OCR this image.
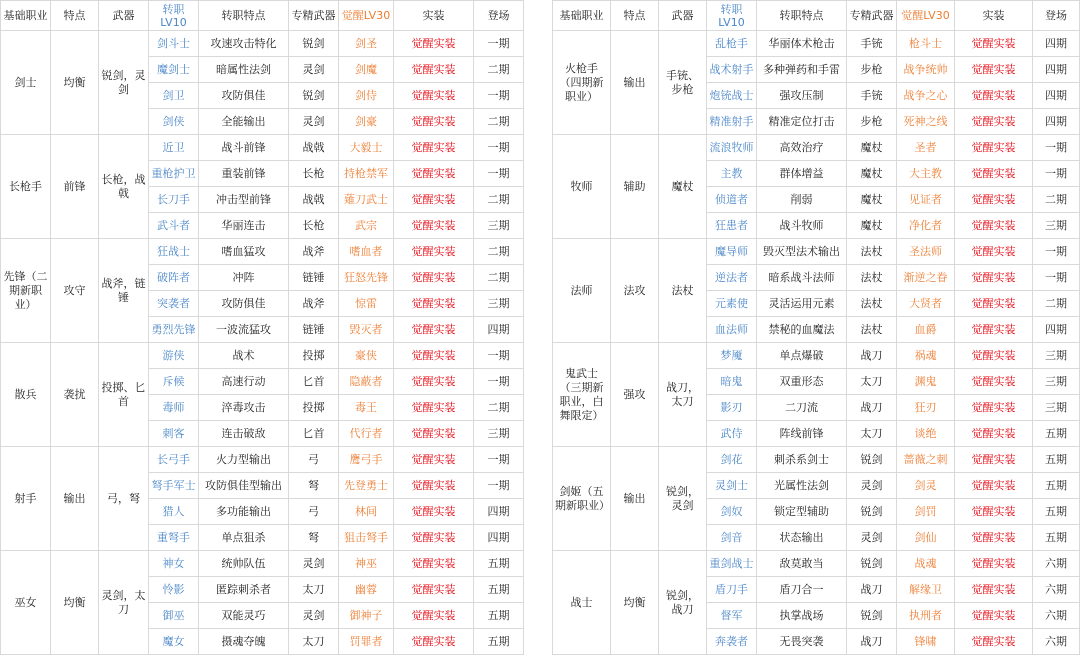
基础职业	特点	武器	转职LV10	转职特点	专精武器	觉醒LV30	实装	登场
剑士	均衡	锐剑，灵剑	剑斗士	攻速攻击特化	锐剑	剑圣	觉醒实装	一期
			魔剑士	暗属性法剑	灵剑	剑魔	觉醒实装	二期
			剑卫	攻防俱佳	锐剑	剑侍	觉醒实装	一期
			剑侠	全能输出	灵剑	剑豪	觉醒实装	二期
长枪手	前锋	长枪，战戟	近卫	战斗前锋	战戟	大毅士	觉醒实装	一期
			重枪护卫	重装前锋	长枪	持枪禁军	觉醒实装	一期
			长刀手	冲击型前锋	战戟	薙刀武士	觉醒实装	二期
			武斗者	华丽连击	长枪	武宗	觉醒实装	三期
先锋（二期新职业）	攻守	战斧，链锤	狂战士	嗜血猛攻	战斧	嗜血者	觉醒实装	二期
			破阵者	冲阵	链锤	狂怒先锋	觉醒实装	二期
			突袭者	攻防俱佳	战斧	惊雷	觉醒实装	三期
			勇烈先锋	一波流猛攻	链锤	毁灭者	觉醒实装	四期
散兵	袭扰	投掷、匕首	游侠	战术	投掷	豪侠	觉醒实装	一期
			斥候	高速行动	匕首	隐蔽者	觉醒实装	一期
			毒师	淬毒攻击	投掷	毒王	觉醒实装	二期
			刺客	连击破敌	匕首	代行者	觉醒实装	三期
射手	输出	弓，弩	长弓手	火力型输出	弓	鹰弓手	觉醒实装	一期
			弩手军士	攻防俱佳型输出	弩	先登勇士	觉醒实装	一期
			猎人	多功能输出	弓	林间	觉醒实装	四期
			重弩手	单点狙杀	弩	狙击弩手	觉醒实装	四期
巫女	均衡	灵剑，太刀	神女	统帅队伍	灵剑	神巫	觉醒实装	五期
			怜影	匿踪刺杀者	太刀	幽蓉	觉醒实装	五期
			御巫	双能灵巧	灵剑	御神子	觉醒实装	五期
			魔女	摄魂夺魄	太刀	罚罪者	觉醒实装	五期
基础职业	特点	武器	转职LV10	转职特点	专精武器	觉醒LV30	实装	登场
火枪手（四期新职业）	输出	手铳、步枪	乱枪手	华丽体术枪击	手铳	枪斗士	觉醒实装	四期
			战术射手	多种弹药和手雷	步枪	战争统帅	觉醒实装	四期
			炮铳战士	强攻压制	手铳	战争之心	觉醒实装	四期
			精准射手	精准定位打击	步枪	死神之线	觉醒实装	四期
牧师	辅助	魔杖	流浪牧师	高效治疗	魔杖	圣者	觉醒实装	一期
			主教	群体增益	魔杖	大主教	觉醒实装	一期
			侦道者	削弱	魔杖	见证者	觉醒实装	二期
			狂患者	战斗牧师	魔杖	净化者	觉醒实装	三期
法师	法攻	法杖	魔导师	毁灭型法术输出	法杖	圣法师	觉醒实装	一期
			逆法者	暗系战斗法师	法杖	渐逆之眷	觉醒实装	一期
			元素使	灵活运用元素	法杖	大贤者	觉醒实装	二期
			血法师	禁秘的血魔法	法杖	血爵	觉醒实装	四期
鬼武士（三期新职业，白舞限定）	强攻	战刀，太刀	梦魇	单点爆破	战刀	祸魂	觉醒实装	三期
			暗鬼	双重形态	太刀	渊鬼	觉醒实装	三期
			影刃	二刀流	战刀	狂刃	觉醒实装	三期
			武侍	阵线前锋	太刀	谈绝	觉醒实装	五期
剑姬（五期新职业）	输出	锐剑，灵剑	剑花	刺杀系剑士	锐剑	蔷薇之刺	觉醒实装	五期
			灵剑士	光属性法剑	灵剑	剑灵	觉醒实装	五期
			剑奴	锁定型辅助	锐剑	剑罚	觉醒实装	五期
			剑音	状态输出	灵剑	剑仙	觉醒实装	五期
战士	均衡	锐剑，战刀	重剑战士	敌莫敢当	锐剑	战魂	觉醒实装	六期
			盾刀手	盾刀合一	战刀	解缘卫	觉醒实装	六期
			督军	执掌战场	锐剑	执刑者	觉醒实装	六期
			奔袭者	无畏突袭	战刀	锋啸	觉醒实装	六期
